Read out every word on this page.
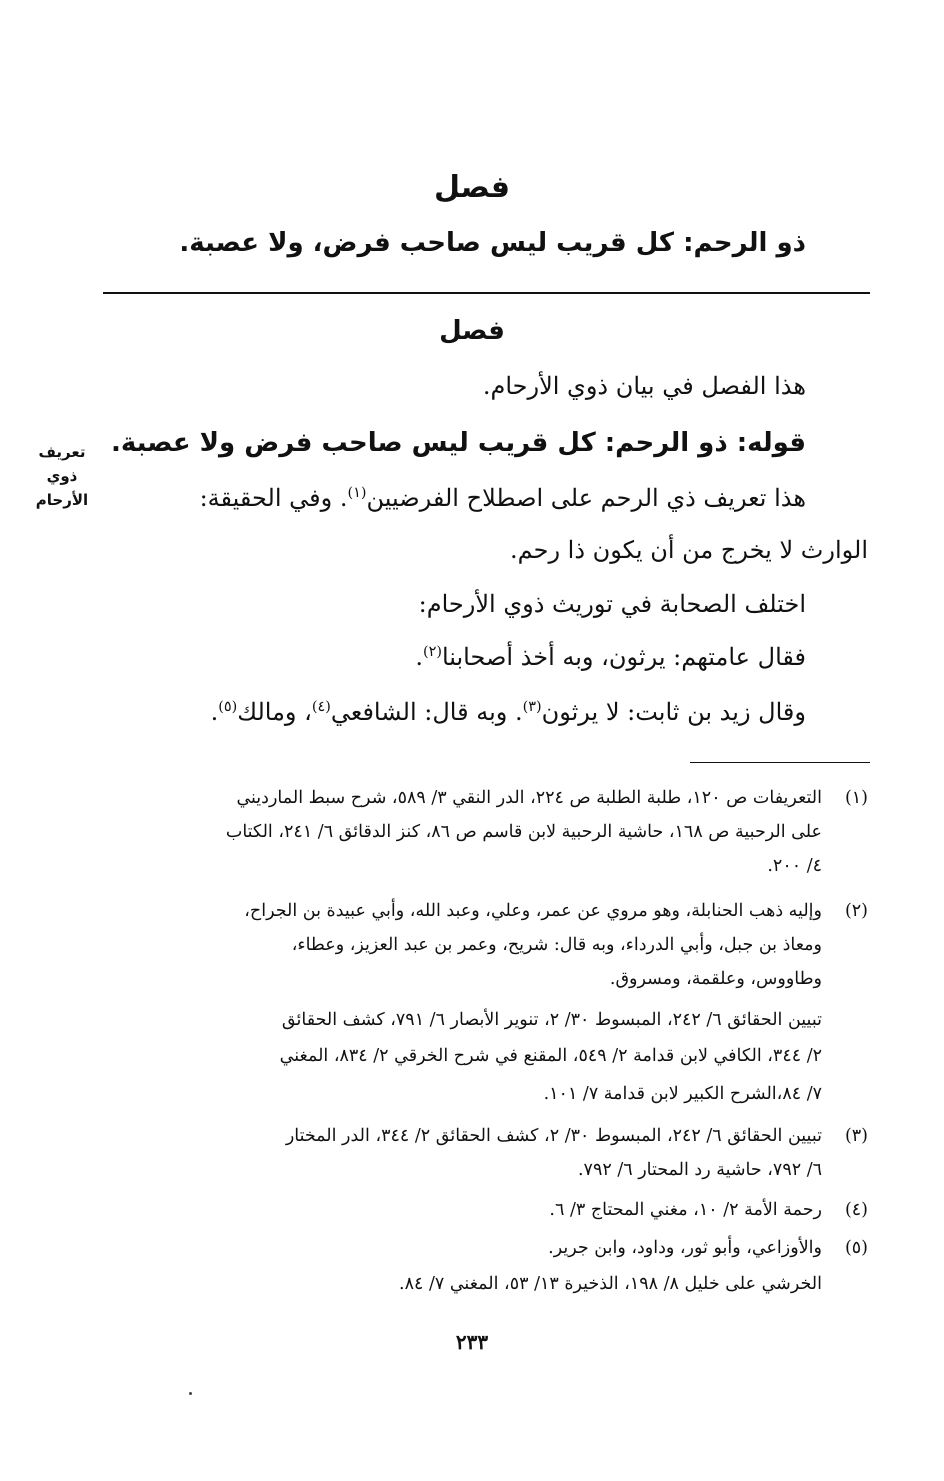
فصل
ذو الرحم: كل قريب ليس صاحب فرض، ولا عصبة.
فصل
هذا الفصل في بيان ذوي الأرحام.
قوله: ذو الرحم: كل قريب ليس صاحب فرض ولا عصبة.
هذا تعريف ذي الرحم على اصطلاح الفرضيين$^{(١)}$. وفي الحقيقة:
الوارث لا يخرج من أن يكون ذا رحم.
اختلف الصحابة في توريث ذوي الأرحام:
فقال عامتهم: يرثون، وبه أخذ أصحابنا$^{(٢)}$.
وقال زيد بن ثابت: لا يرثون$^{(٣)}$. وبه قال: الشافعي$^{(٤)}$، ومالك$^{(٥)}$.
تعريف
ذوي
الأرحام
(١)
التعريفات ص ١٢٠، طلبة الطلبة ص ٢٢٤، الدر النقي ٣/ ٥٨٩، شرح سبط المارديني
على الرحبية ص ١٦٨، حاشية الرحبية لابن قاسم ص ٨٦، كنز الدقائق ٦/ ٢٤١، الكتاب
٤/ ٢٠٠.
(٢)
وإليه ذهب الحنابلة، وهو مروي عن عمر، وعلي، وعبد الله، وأبي عبيدة بن الجراح،
ومعاذ بن جبل، وأبي الدرداء، وبه قال: شريح، وعمر بن عبد العزيز، وعطاء،
وطاووس، وعلقمة، ومسروق.
تبيين الحقائق ٦/ ٢٤٢، المبسوط ٣٠/ ٢، تنوير الأبصار ٦/ ٧٩١، كشف الحقائق
٢/ ٣٤٤، الكافي لابن قدامة ٢/ ٥٤٩، المقنع في شرح الخرقي ٢/ ٨٣٤، المغني
٧/ ٨٤،الشرح الكبير لابن قدامة ٧/ ١٠١.
(٣)
تبيين الحقائق ٦/ ٢٤٢، المبسوط ٣٠/ ٢، كشف الحقائق ٢/ ٣٤٤، الدر المختار
٦/ ٧٩٢، حاشية رد المحتار ٦/ ٧٩٢.
(٤)
رحمة الأمة ٢/ ١٠، مغني المحتاج ٣/ ٦.
(٥)
والأوزاعي، وأبو ثور، وداود، وابن جرير.
الخرشي على خليل ٨/ ١٩٨، الذخيرة ١٣/ ٥٣، المغني ٧/ ٨٤.
٢٣٣
